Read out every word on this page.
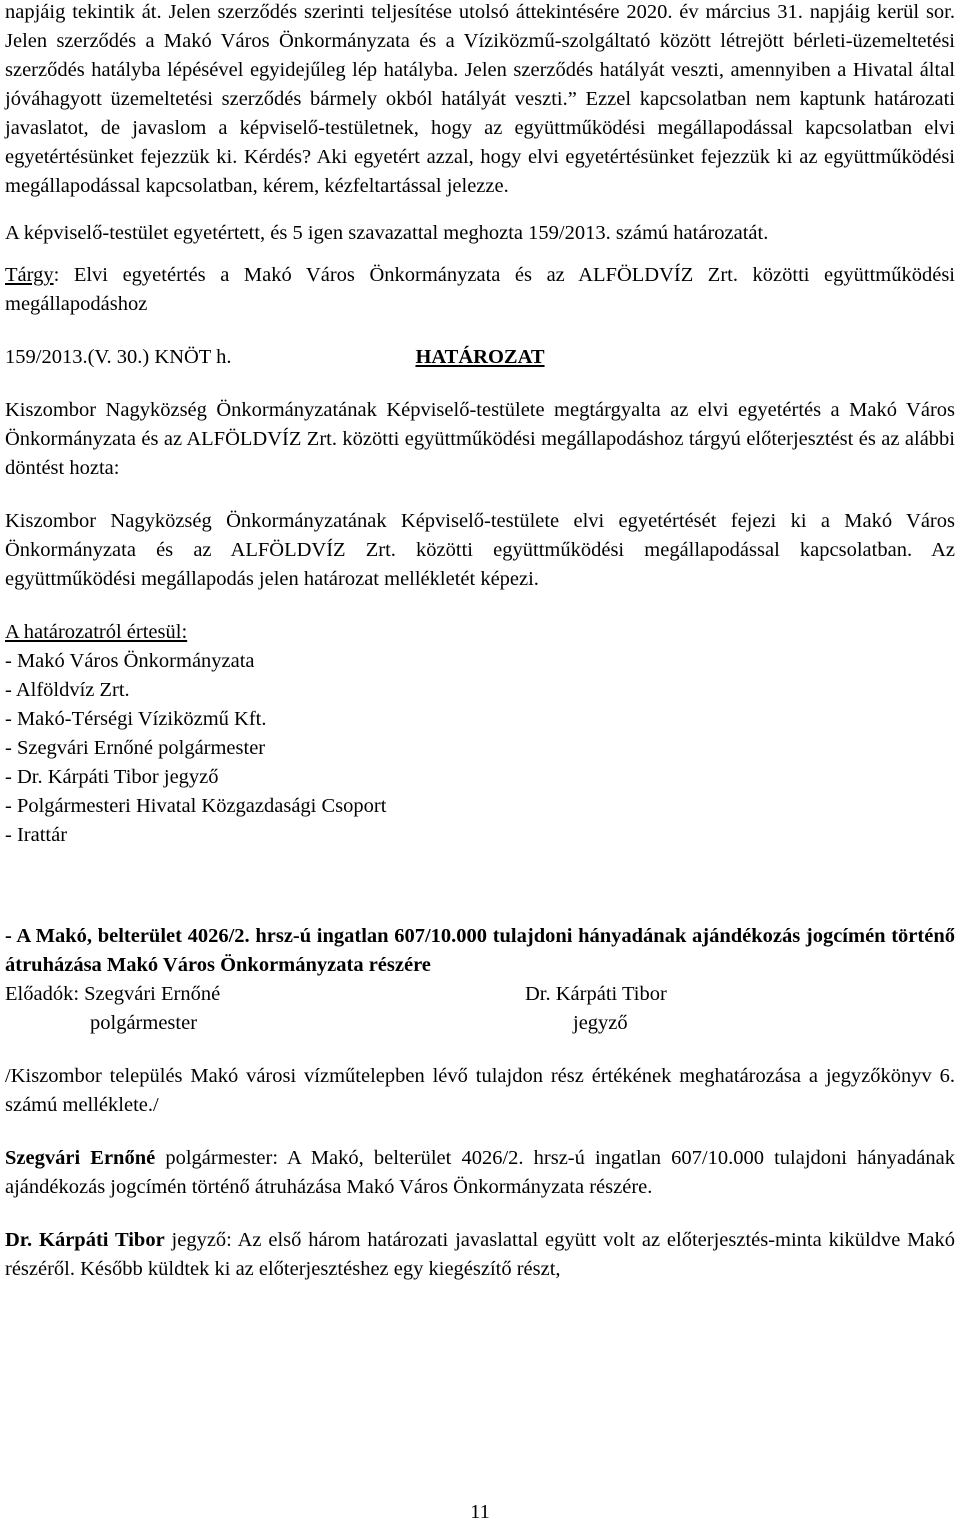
napjáig tekintik át. Jelen szerződés szerinti teljesítése utolsó áttekintésére 2020. év március 31. napjáig kerül sor. Jelen szerződés a Makó Város Önkormányzata és a Víziközmű-szolgáltató között létrejött bérleti-üzemeltetési szerződés hatályba lépésével egyidejűleg lép hatályba. Jelen szerződés hatályát veszti, amennyiben a Hivatal által jóváhagyott üzemeltetési szerződés bármely okból hatályát veszti.” Ezzel kapcsolatban nem kaptunk határozati javaslatot, de javaslom a képviselő-testületnek, hogy az együttműködési megállapodással kapcsolatban elvi egyetértésünket fejezzük ki. Kérdés? Aki egyetért azzal, hogy elvi egyetértésünket fejezzük ki az együttműködési megállapodással kapcsolatban, kérem, kézfeltartással jelezze.

A képviselő-testület egyetértett, és 5 igen szavazattal meghozta 159/2013. számú határozatát.

Tárgy: Elvi egyetértés a Makó Város Önkormányzata és az ALFÖLDVÍZ Zrt. közötti együttműködési megállapodáshoz

159/2013.(V. 30.) KNÖT h.	HATÁROZAT

Kiszombor Nagyközség Önkormányzatának Képviselő-testülete megtárgyalta az elvi egyetértés a Makó Város Önkormányzata és az ALFÖLDVÍZ Zrt. közötti együttműködési megállapodáshoz tárgyú előterjesztést és az alábbi döntést hozta:

Kiszombor Nagyközség Önkormányzatának Képviselő-testülete elvi egyetértését fejezi ki a Makó Város Önkormányzata és az ALFÖLDVÍZ Zrt. közötti együttműködési megállapodással kapcsolatban. Az együttműködési megállapodás jelen határozat mellékletét képezi.

A határozatról értesül:
- Makó Város Önkormányzata
- Alföldvíz Zrt.
- Makó-Térségi Víziközmű Kft.
- Szegvári Ernőné polgármester
- Dr. Kárpáti Tibor jegyző
- Polgármesteri Hivatal Közgazdasági Csoport
- Irattár

- A Makó, belterület 4026/2. hrsz-ú ingatlan 607/10.000 tulajdoni hányadának ajándékozás jogcímén történő átruházása Makó Város Önkormányzata részére

Előadók: Szegvári Ernőné
polgármester
Dr. Kárpáti Tibor
jegyző

/Kiszombor település Makó városi vízműtelepben lévő tulajdon rész értékének meghatározása a jegyzőkönyv 6. számú melléklete./

Szegvári Ernőné polgármester: A Makó, belterület 4026/2. hrsz-ú ingatlan 607/10.000 tulajdoni hányadának ajándékozás jogcímén történő átruházása Makó Város Önkormányzata részére.

Dr. Kárpáti Tibor jegyző: Az első három határozati javaslattal együtt volt az előterjesztés-minta kiküldve Makó részéről. Később küldtek ki az előterjesztéshez egy kiegészítő részt,

11
